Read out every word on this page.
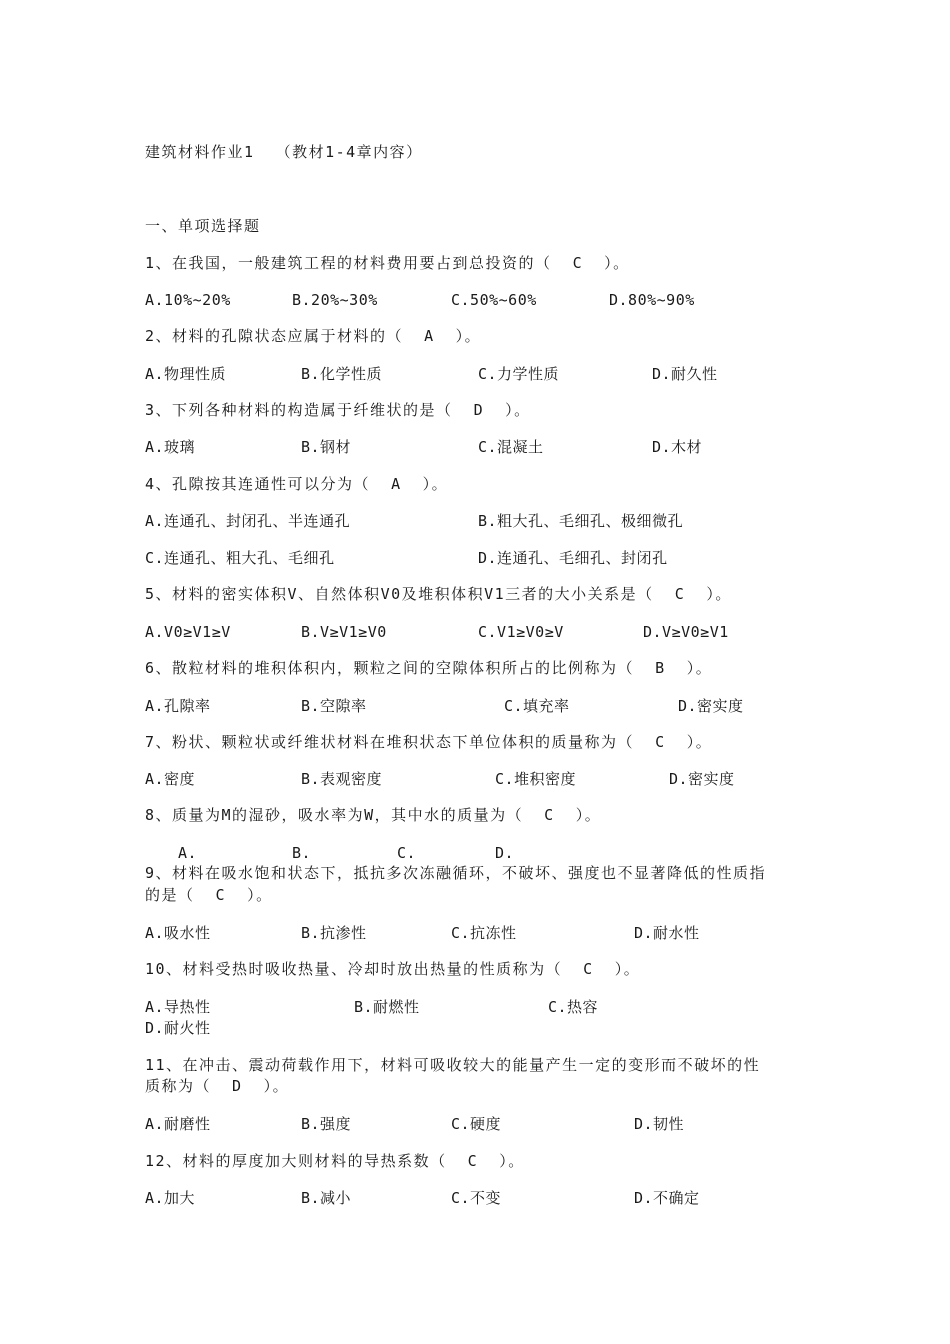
建筑材料作业1  （教材1-4章内容）
一、单项选择题
1、在我国，一般建筑工程的材料费用要占到总投资的（  C  ）。
A.10%~20%	B.20%~30%	C.50%~60%	D.80%~90%
2、材料的孔隙状态应属于材料的（  A  ）。
A.物理性质	B.化学性质	C.力学性质	D.耐久性
3、下列各种材料的构造属于纤维状的是（  D  ）。
A.玻璃	B.钢材	C.混凝土	D.木材
4、孔隙按其连通性可以分为（  A  ）。
A.连通孔、封闭孔、半连通孔	B.粗大孔、毛细孔、极细微孔
C.连通孔、粗大孔、毛细孔	D.连通孔、毛细孔、封闭孔
5、材料的密实体积V、自然体积V0及堆积体积V1三者的大小关系是（  C  ）。
A.V0≥V1≥V	B.V≥V1≥V0	C.V1≥V0≥V	D.V≥V0≥V1
6、散粒材料的堆积体积内，颗粒之间的空隙体积所占的比例称为（  B  ）。
A.孔隙率	B.空隙率	C.填充率	D.密实度
7、粉状、颗粒状或纤维状材料在堆积状态下单位体积的质量称为（  C  ）。
A.密度	B.表观密度	C.堆积密度	D.密实度
8、质量为M的湿砂，吸水率为W，其中水的质量为（  C  ）。
A.	B.	C.	D.
9、材料在吸水饱和状态下，抵抗多次冻融循环，不破坏、强度也不显著降低的性质指
的是（  C  ）。
A.吸水性	B.抗渗性	C.抗冻性	D.耐水性
10、材料受热时吸收热量、冷却时放出热量的性质称为（  C  ）。
A.导热性	B.耐燃性	C.热容
D.耐火性
11、在冲击、震动荷载作用下，材料可吸收较大的能量产生一定的变形而不破坏的性
质称为（  D  ）。
A.耐磨性	B.强度	C.硬度	D.韧性
12、材料的厚度加大则材料的导热系数（  C  ）。
A.加大	B.减小	C.不变	D.不确定
